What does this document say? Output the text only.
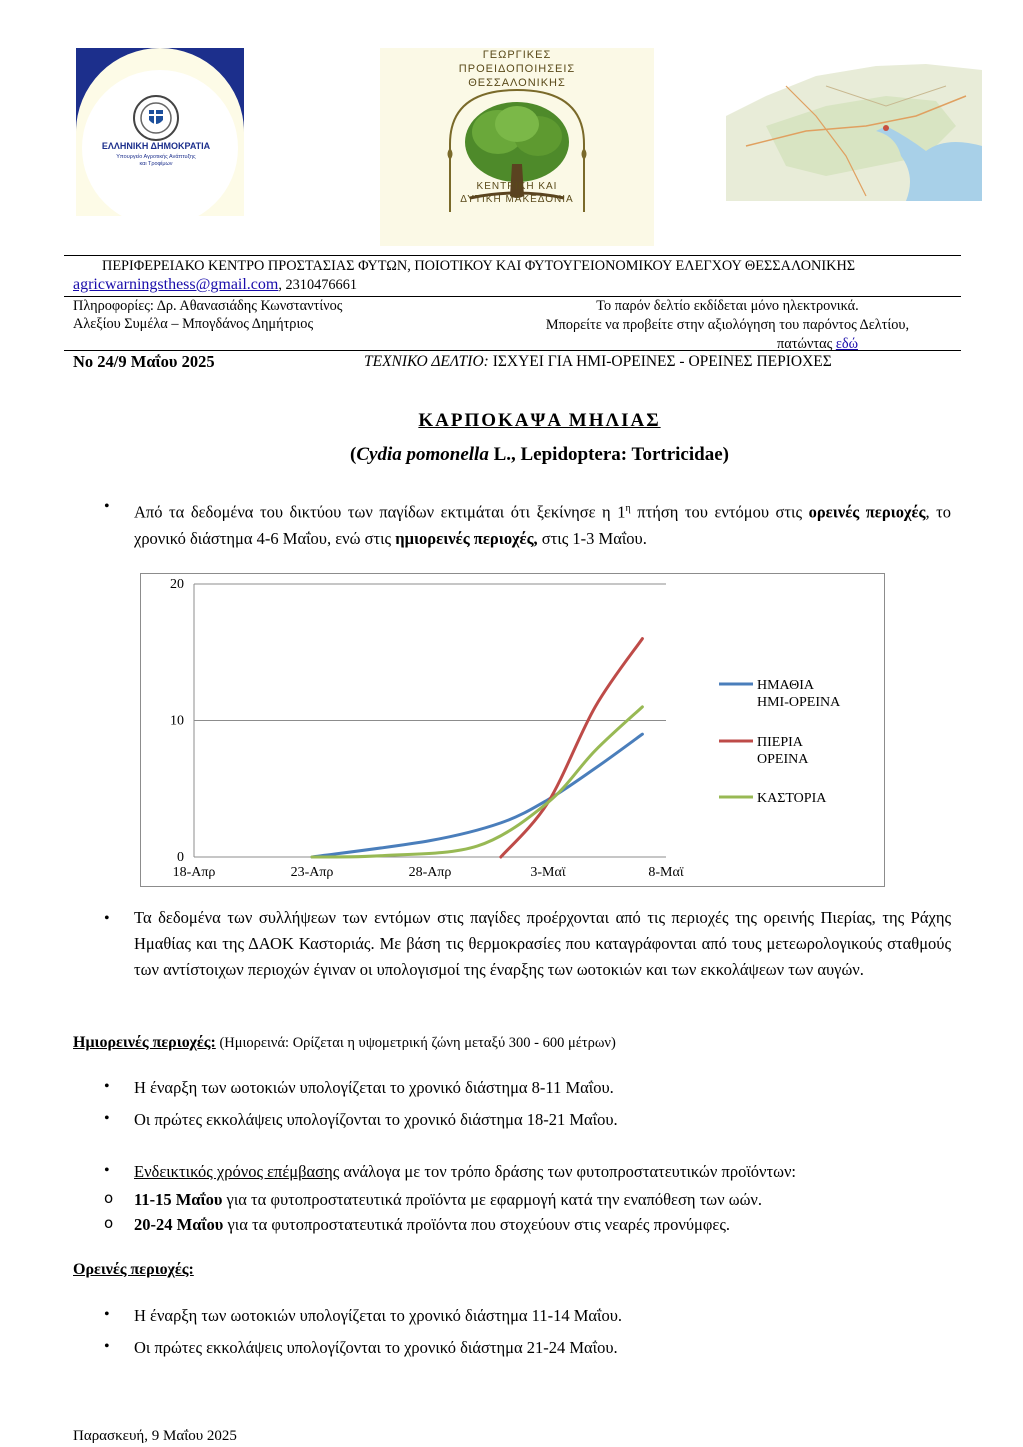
ΕΛΛΗΝΙΚΗ ΔΗΜΟΚΡΑΤΙΑ
Υπουργείο Αγροτικής Ανάπτυξης
και Τροφίμων
ΓΕΩΡΓΙΚΕΣ
ΠΡΟΕΙΔΟΠΟΙΗΣΕΙΣ
ΘΕΣΣΑΛΟΝΙΚΗΣ
ΚΕΝΤΡΙΚΗ ΚΑΙ
ΔΥΤΙΚΗ ΜΑΚΕΔΟΝΙΑ
ΠΕΡΙΦΕΡΕΙΑΚΟ ΚΕΝΤΡΟ ΠΡΟΣΤΑΣΙΑΣ ΦΥΤΩΝ, ΠΟΙΟΤΙΚΟΥ ΚΑΙ ΦΥΤΟΥΓΕΙΟΝΟΜΙΚΟΥ ΕΛΕΓΧΟΥ ΘΕΣΣΑΛΟΝΙΚΗΣ
agricwarningsthess@gmail.com, 2310476661
Πληροφορίες: Δρ. Αθανασιάδης Κωνσταντίνος
Αλεξίου Συμέλα – Μπογδάνος Δημήτριος
Το παρόν δελτίο εκδίδεται μόνο ηλεκτρονικά.
Μπορείτε να προβείτε στην αξιολόγηση του παρόντος Δελτίου,
πατώντας εδώ
Νο 24/9 Μαΐου 2025	ΤΕΧΝΙΚΟ ΔΕΛΤΙΟ: ΙΣΧΥΕΙ ΓΙΑ ΗΜΙ-ΟΡΕΙΝΕΣ - ΟΡΕΙΝΕΣ ΠΕΡΙΟΧΕΣ
ΚΑΡΠΟΚΑΨΑ ΜΗΛΙΑΣ
(Cydia pomonella L., Lepidoptera: Tortricidae)
• Από τα δεδομένα του δικτύου των παγίδων εκτιμάται ότι ξεκίνησε η $1^\eta$ πτήση του εντόμου στις ορεινές περιοχές, το χρονικό διάστημα 4-6 Μαΐου, ενώ στις ημιορεινές περιοχές, στις 1-3 Μαΐου.
0
10
20
18-Απρ	23-Απρ	28-Απρ	3-Μαϊ	8-Μαϊ
ΗΜΑΘΙΑ
ΗΜΙ-ΟΡΕΙΝΑ
ΠΙΕΡΙΑ
ΟΡΕΙΝΑ
ΚΑΣΤΟΡΙΑ
• Τα δεδομένα των συλλήψεων των εντόμων στις παγίδες προέρχονται από τις περιοχές της ορεινής Πιερίας, της Ράχης Ημαθίας και της ΔΑΟΚ Καστοριάς. Με βάση τις θερμοκρασίες που καταγράφονται από τους μετεωρολογικούς σταθμούς των αντίστοιχων περιοχών έγιναν οι υπολογισμοί της έναρξης των ωοτοκιών και των εκκολάψεων των αυγών.
Ημιορεινές περιοχές: (Ημιορεινά: Ορίζεται η υψομετρική ζώνη μεταξύ 300 - 600 μέτρων)
• Η έναρξη των ωοτοκιών υπολογίζεται το χρονικό διάστημα 8-11 Μαΐου.
• Οι πρώτες εκκολάψεις υπολογίζονται το χρονικό διάστημα 18-21 Μαΐου.
• Ενδεικτικός χρόνος επέμβασης ανάλογα με τον τρόπο δράσης των φυτοπροστατευτικών προϊόντων:
o 11-15 Μαΐου για τα φυτοπροστατευτικά προϊόντα με εφαρμογή κατά την εναπόθεση των ωών.
o 20-24 Μαΐου για τα φυτοπροστατευτικά προϊόντα που στοχεύουν στις νεαρές προνύμφες.
Ορεινές περιοχές:
• Η έναρξη των ωοτοκιών υπολογίζεται το χρονικό διάστημα 11-14 Μαΐου.
• Οι πρώτες εκκολάψεις υπολογίζονται το χρονικό διάστημα 21-24 Μαΐου.
Παρασκευή, 9 Μαΐου 2025
